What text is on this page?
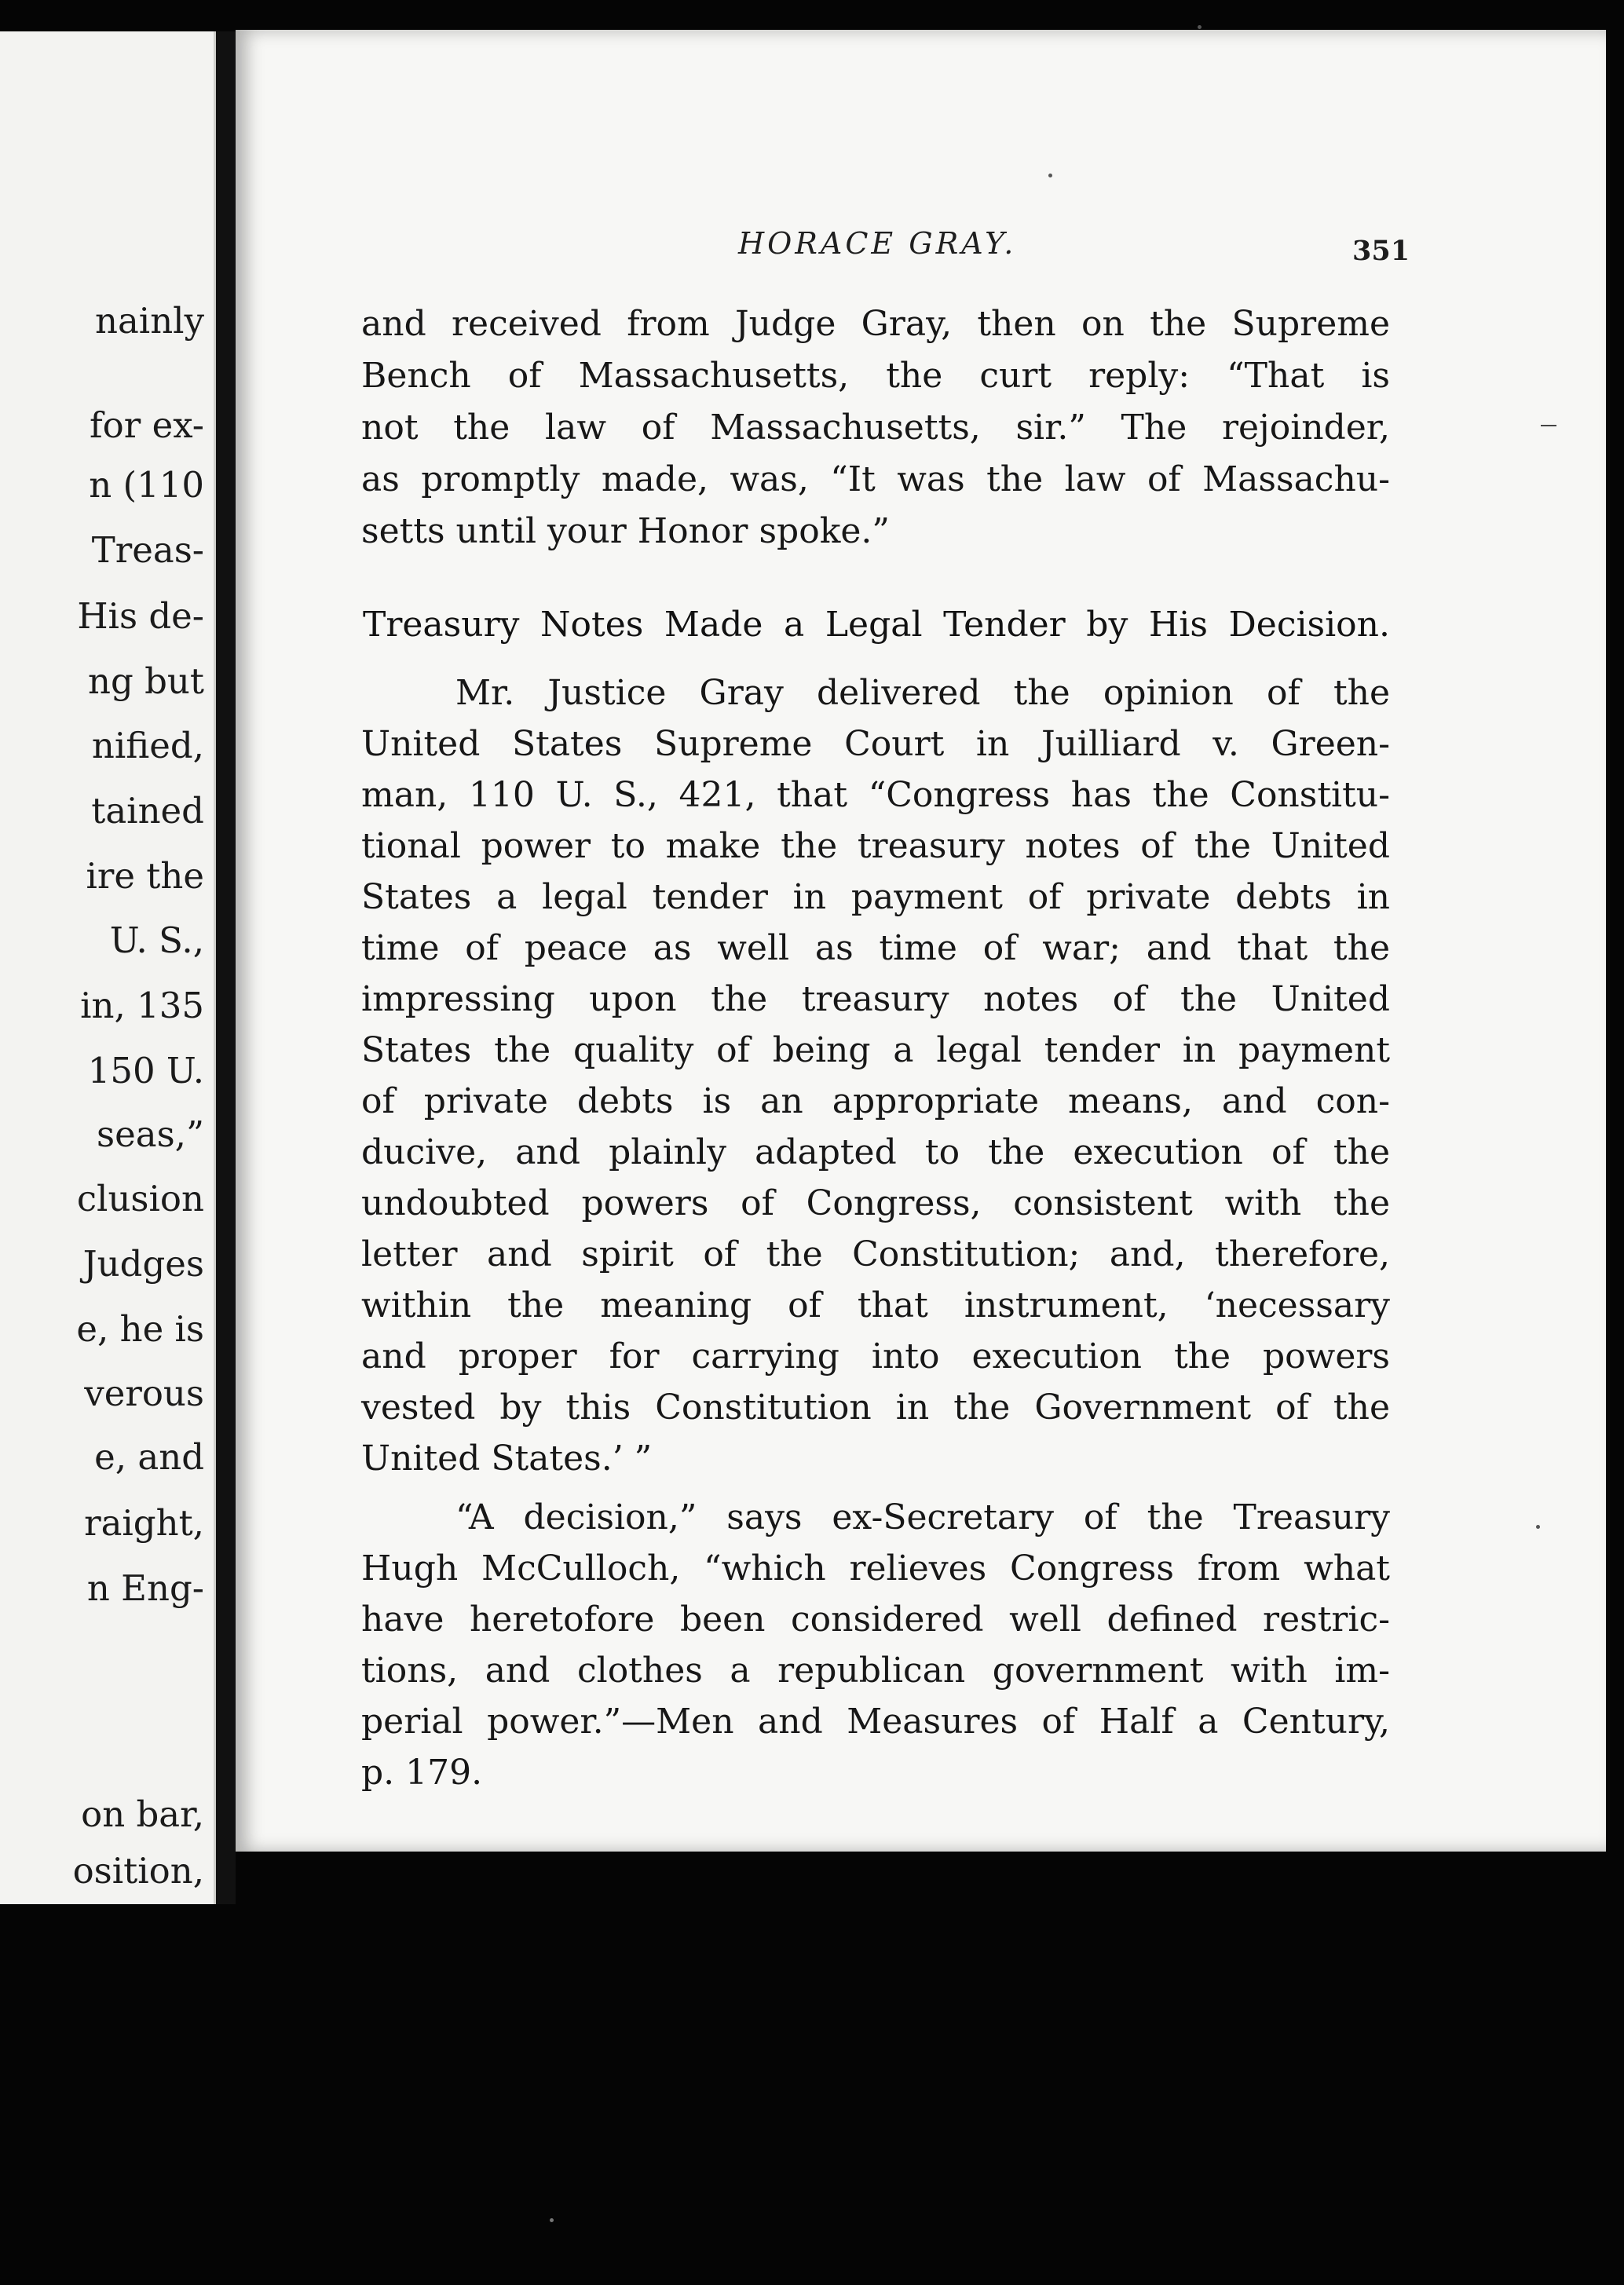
nainly
for ex-
n (110
Treas-
His de-
ng but
nified,
tained
ire the
U. S.,
in, 135
150 U.
seas,”
clusion
Judges
e, he is
verous
e, and
raight,
n Eng-
on bar,
osition,
HORACE GRAY.	351
and received from Judge Gray, then on the Supreme
Bench of Massachusetts, the curt reply: “That is
not the law of Massachusetts, sir.” The rejoinder,
as promptly made, was, “It was the law of Massachu-
setts until your Honor spoke.”
Treasury Notes Made a Legal Tender by His Decision.
Mr. Justice Gray delivered the opinion of the
United States Supreme Court in Juilliard v. Green-
man, 110 U. S., 421, that “Congress has the Constitu-
tional power to make the treasury notes of the United
States a legal tender in payment of private debts in
time of peace as well as time of war; and that the
impressing upon the treasury notes of the United
States the quality of being a legal tender in payment
of private debts is an appropriate means, and con-
ducive, and plainly adapted to the execution of the
undoubted powers of Congress, consistent with the
letter and spirit of the Constitution; and, therefore,
within the meaning of that instrument, ‘necessary
and proper for carrying into execution the powers
vested by this Constitution in the Government of the
United States.’ ”
“A decision,” says ex-Secretary of the Treasury
Hugh McCulloch, “which relieves Congress from what
have heretofore been considered well defined restric-
tions, and clothes a republican government with im-
perial power.”—Men and Measures of Half a Century,
p. 179.
